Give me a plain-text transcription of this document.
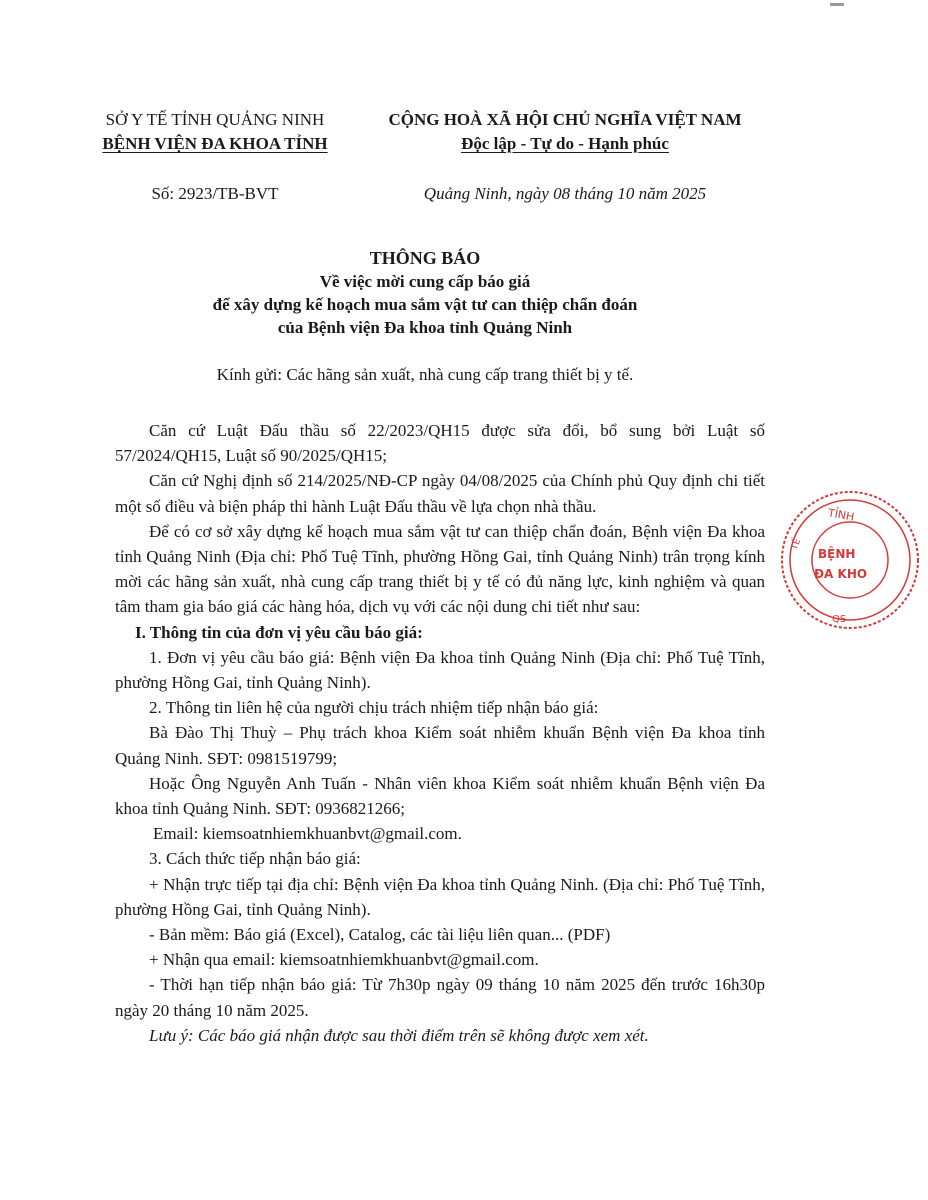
SỞ Y TẾ TỈNH QUẢNG NINH
BỆNH VIỆN ĐA KHOA TỈNH
CỘNG HOÀ XÃ HỘI CHỦ NGHĨA VIỆT NAM
Độc lập - Tự do - Hạnh phúc
Số: 2923/TB-BVT	Quảng Ninh, ngày 08 tháng 10 năm 2025
THÔNG BÁO
Về việc mời cung cấp báo giá
để xây dựng kế hoạch mua sắm vật tư can thiệp chẩn đoán
của Bệnh viện Đa khoa tỉnh Quảng Ninh
Kính gửi: Các hãng sản xuất, nhà cung cấp trang thiết bị y tế.

Căn cứ Luật Đấu thầu số 22/2023/QH15 được sửa đổi, bổ sung bởi Luật số 57/2024/QH15, Luật số 90/2025/QH15;

Căn cứ Nghị định số 214/2025/NĐ-CP ngày 04/08/2025 của Chính phủ Quy định chi tiết một số điều và biện pháp thi hành Luật Đấu thầu về lựa chọn nhà thầu.

Để có cơ sở xây dựng kế hoạch mua sắm vật tư can thiệp chẩn đoán, Bệnh viện Đa khoa tỉnh Quảng Ninh (Địa chỉ: Phố Tuệ Tĩnh, phường Hồng Gai, tỉnh Quảng Ninh) trân trọng kính mời các hãng sản xuất, nhà cung cấp trang thiết bị y tế có đủ năng lực, kinh nghiệm và quan tâm tham gia báo giá các hàng hóa, dịch vụ với các nội dung chi tiết như sau:

I. Thông tin của đơn vị yêu cầu báo giá:

1. Đơn vị yêu cầu báo giá: Bệnh viện Đa khoa tỉnh Quảng Ninh (Địa chỉ: Phố Tuệ Tĩnh, phường Hồng Gai, tỉnh Quảng Ninh).

2. Thông tin liên hệ của người chịu trách nhiệm tiếp nhận báo giá:

Bà Đào Thị Thuỳ – Phụ trách khoa Kiểm soát nhiễm khuẩn Bệnh viện Đa khoa tỉnh Quảng Ninh. SĐT: 0981519799;

Hoặc Ông Nguyễn Anh Tuấn - Nhân viên khoa Kiểm soát nhiễm khuẩn Bệnh viện Đa khoa tỉnh Quảng Ninh. SĐT: 0936821266;

Email: kiemsoatnhiemkhuanbvt@gmail.com.

3. Cách thức tiếp nhận báo giá:

+ Nhận trực tiếp tại địa chỉ: Bệnh viện Đa khoa tỉnh Quảng Ninh. (Địa chỉ: Phố Tuệ Tĩnh, phường Hồng Gai, tỉnh Quảng Ninh).

- Bản mềm: Báo giá (Excel), Catalog, các tài liệu liên quan... (PDF)

+ Nhận qua email: kiemsoatnhiemkhuanbvt@gmail.com.

- Thời hạn tiếp nhận báo giá: Từ 7h30p ngày 09 tháng 10 năm 2025 đến trước 16h30p ngày 20 tháng 10 năm 2025.

Lưu ý: Các báo giá nhận được sau thời điểm trên sẽ không được xem xét.

TỈNH
TẾ
BỆNH
ĐA KHO
QS
